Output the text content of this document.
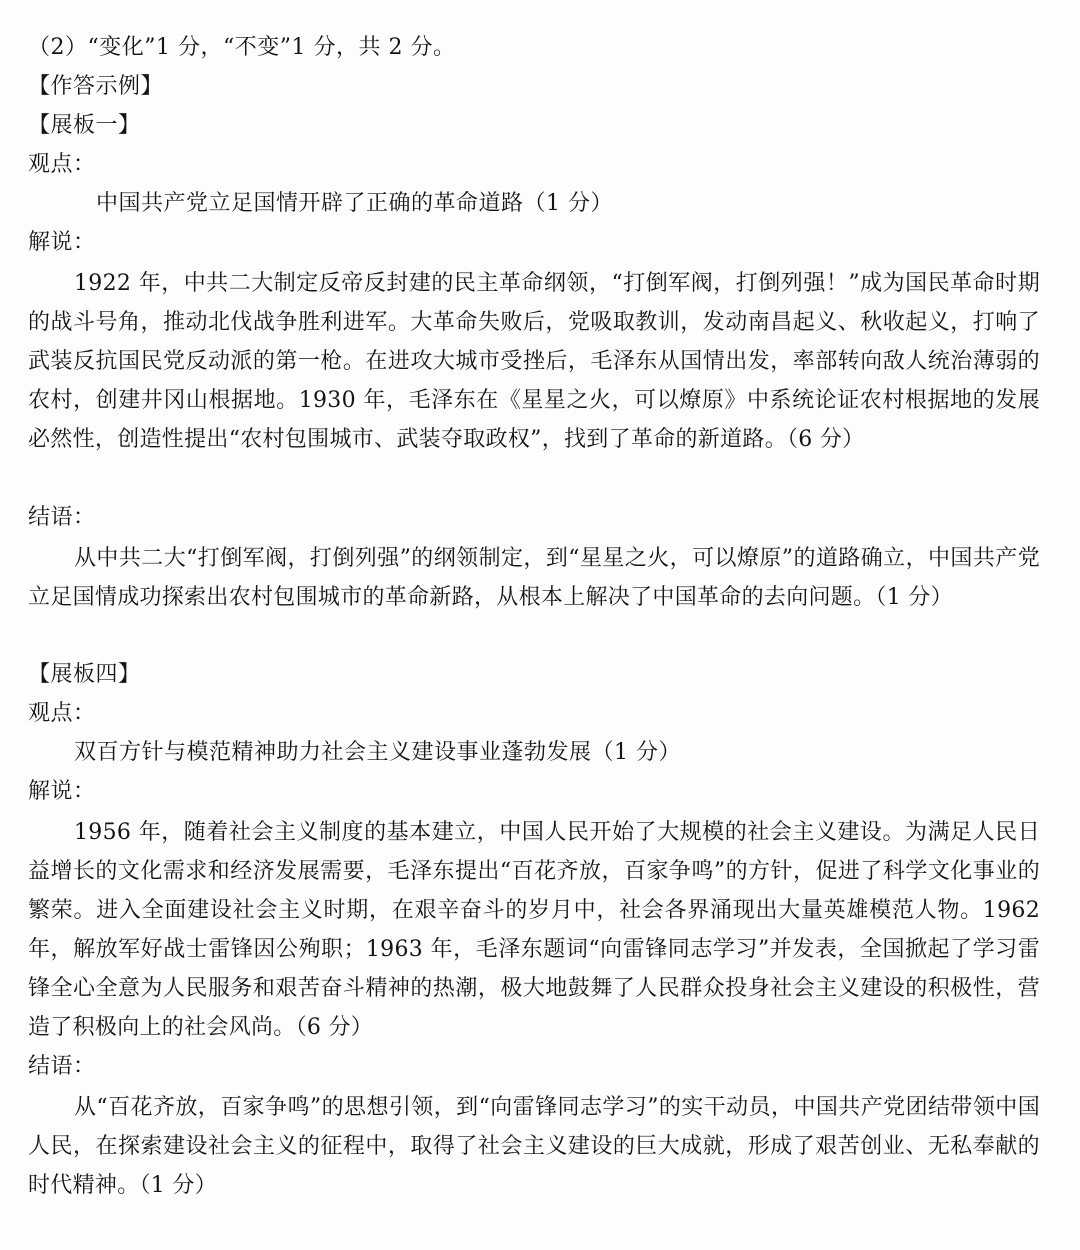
（2）“变化”1 分，“不变”1 分，共 2 分。
【作答示例】
【展板一】
观点：
中国共产党立足国情开辟了正确的革命道路（1 分）
解说：
1922 年，中共二大制定反帝反封建的民主革命纲领，“打倒军阀，打倒列强！”成为国民革命时期的战斗号角，推动北伐战争胜利进军。大革命失败后，党吸取教训，发动南昌起义、秋收起义，打响了武装反抗国民党反动派的第一枪。在进攻大城市受挫后，毛泽东从国情出发，率部转向敌人统治薄弱的农村，创建井冈山根据地。1930 年，毛泽东在《星星之火，可以燎原》中系统论证农村根据地的发展必然性，创造性提出“农村包围城市、武装夺取政权”，找到了革命的新道路。（6 分）
结语：
从中共二大“打倒军阀，打倒列强”的纲领制定，到“星星之火，可以燎原”的道路确立，中国共产党立足国情成功探索出农村包围城市的革命新路，从根本上解决了中国革命的去向问题。（1 分）
【展板四】
观点：
双百方针与模范精神助力社会主义建设事业蓬勃发展（1 分）
解说：
1956 年，随着社会主义制度的基本建立，中国人民开始了大规模的社会主义建设。为满足人民日益增长的文化需求和经济发展需要，毛泽东提出“百花齐放，百家争鸣”的方针，促进了科学文化事业的繁荣。进入全面建设社会主义时期，在艰辛奋斗的岁月中，社会各界涌现出大量英雄模范人物。1962 年，解放军好战士雷锋因公殉职；1963 年，毛泽东题词“向雷锋同志学习”并发表，全国掀起了学习雷锋全心全意为人民服务和艰苦奋斗精神的热潮，极大地鼓舞了人民群众投身社会主义建设的积极性，营造了积极向上的社会风尚。（6 分）
结语：
从“百花齐放，百家争鸣”的思想引领，到“向雷锋同志学习”的实干动员，中国共产党团结带领中国人民，在探索建设社会主义的征程中，取得了社会主义建设的巨大成就，形成了艰苦创业、无私奉献的时代精神。（1 分）
